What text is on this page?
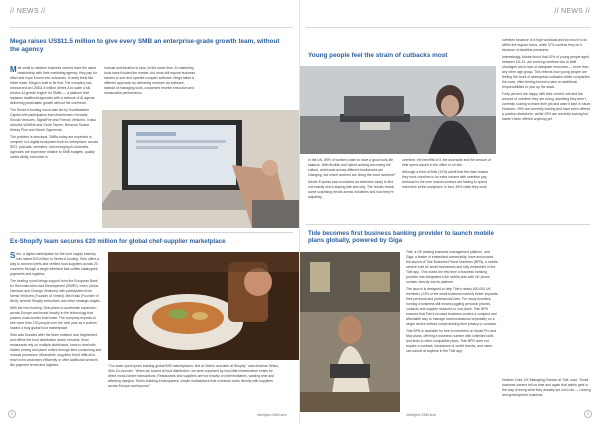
// NEWS //
Mega raises US$11.5 million to give every SMB an enterprise-grade growth team, without the agency

Mati small to medium business owners have the same relationship with their marketing agency: they pay for effort and hope it turns into outcomes. It rarely feels like either trade. Mega is built to fix that. The company has announced an US$11.5 million Series A to scale a full-service AI growth engine for SMBs — a platform that replaces traditional agencies with a network of AI agents delivering predictable growth without the overhead.

The Series A funding round was led by Southeastern Capital with participation from Andreessen Horowitz, Khosla Ventures, SignalFire and Friends Ventures. It also includes WANNA and Circle Tanner, Breanna Sloane, Kelsey Pine and Nicole Ogunmola.

The problem is structural. SMBs today are expected to compete in a digital ecosystem built for enterprises: across SEO, paid ads, websites, and emerging AI channels. Agencies are expensive relative to SMB budgets, quality varies wildly, execution is

manual and iteration is slow. At the same time, AI marketing tools have flooded the market, but most still require business owners to sort and operate complex software. Mega takes a different approach by delivering services via software, instead of managing tools, customers receive execution and measurable performance.

Ex-Shopify team secures €20 million for global chef-supplier marketplace

Setu, a digital marketplace for the food supply industry, has raised €20 million in Series A funding. Setu offers a way to connect chefs and verified food suppliers across 20 countries through a single interface that unifies catalogues, payments and logistics.

The funding round brings support from the European Bank for Reconstruction and Development (EBRD), Invex (Julius Hansson and Chango Ventures) with participation from Menlo Ventures (Founder of Vinted), Mikl Kask (Founder of Wolt), several Shopify executives and other strategic angels.

With the new funding, Setu plans to accelerate expansion across Europe and invest heavily in the technology that powers cross-border food trade. The company expects to hire more than 100 people over the next year as it pushes toward a truly global food marketplace.

Setu was founded after the team realised how fragmented and offline the food distribution sector remains. Most restaurants rely on multiple distributors, have to deal with hidden pricing and place orders through time-consuming and manual processes. Meanwhile, suppliers find it difficult to reach new customers efficiently or offer additional services like payment terms and logistics.	"Our team spent years building global B2B marketplaces, first at Oberlo and later at Shopify," said Andreas Seitsu, Setu Co-founder. "When we looked at food distribution, we were surprised by how little infrastructure exists for direct cross-border transactions. Restaurants and suppliers are too heavily on intermediaries, wasting time and affecting margins. Setu's building a transparent, simple marketplace that connects chefs directly with suppliers across Europe and beyond."

2	intelligent-SMB.tech
// NEWS //
Young people feel the strain of cutbacks most

In the UK, 85% of workers claim to have a good work-life balance. With flexible and hybrid working becoming the culture, workloads across different businesses are changing, but which workers are doing the most overtime?

Adobe Express has conducted an extensive study to find out exactly who's staying late and why. The results reveal some surprising trends across industries and how they're adjusting

overtime, the benefits of it, the downside and the amount of time spent unpaid in the office or on site.

Although a third of Brits (31%) admit that the main reason they work overtime is for extra income with overtime pay, workload is the core reason workers are having to spend extra time at the workplace. In fact, 45% claim they work

overtime because of a high workload and too much to do within the regular hours, while 37% confess they do it because of deadline pressures.

Interestingly, Adobe found that 20% of young people aged between 18–24, are working overtime due to staff shortages and a lack of adequate resources — more than any other age group. This reflects how young people are feeling the brunt of widespread cutbacks within companies the most, often feeling forced to take on additional responsibilities or pick up the slack.

Forty percent are happy with their current role and the amount of overtime they are doing, admitting they aren't currently looking to leave their job and want it kept in future. However, 29% are currently looking and have been offered a position elsewhere, whilst 19% are currently looking but haven't been offered anything yet.

Tide becomes first business banking provider to launch mobile plans globally, powered by Giga

Tide, a UK-leading business management platform, and Giga, a leader in embedded connectivity, have announced the launch of Tide Business Phone Numbers (BPN), a mobile service built for small businesses and fully embedded in the Tide app. This marks the first time a business banking provider has integrated a full mobile plan with UK phone number directly into its platform.

The launch is designed to help Tide's nearly 800,000 UK members (14% of the small business market) better separate their personal and professional lives. For many founders, running a business still means juggling personal phones, contacts and supplier networks in one place. Tide BPN ensures that Tide's focused business owners a compact and affordable way to manage communications separately on a single device without compromising their privacy or contacts.

Tide BPN is available for free to members on Smart Pro and Max plans, offering a business number with unlimited calls and texts to other compatible plans. Tide BPN does not require a contract, insurances or credit checks, and users can cancel at anytime in the Tide app.

Heather Gold, UK Managing Director at Tide, said: "Small business owners tell us time and again that admin gets in the way of doing what they actually set out to do — running and growing their business.

intelligent-SMB.tech	3
